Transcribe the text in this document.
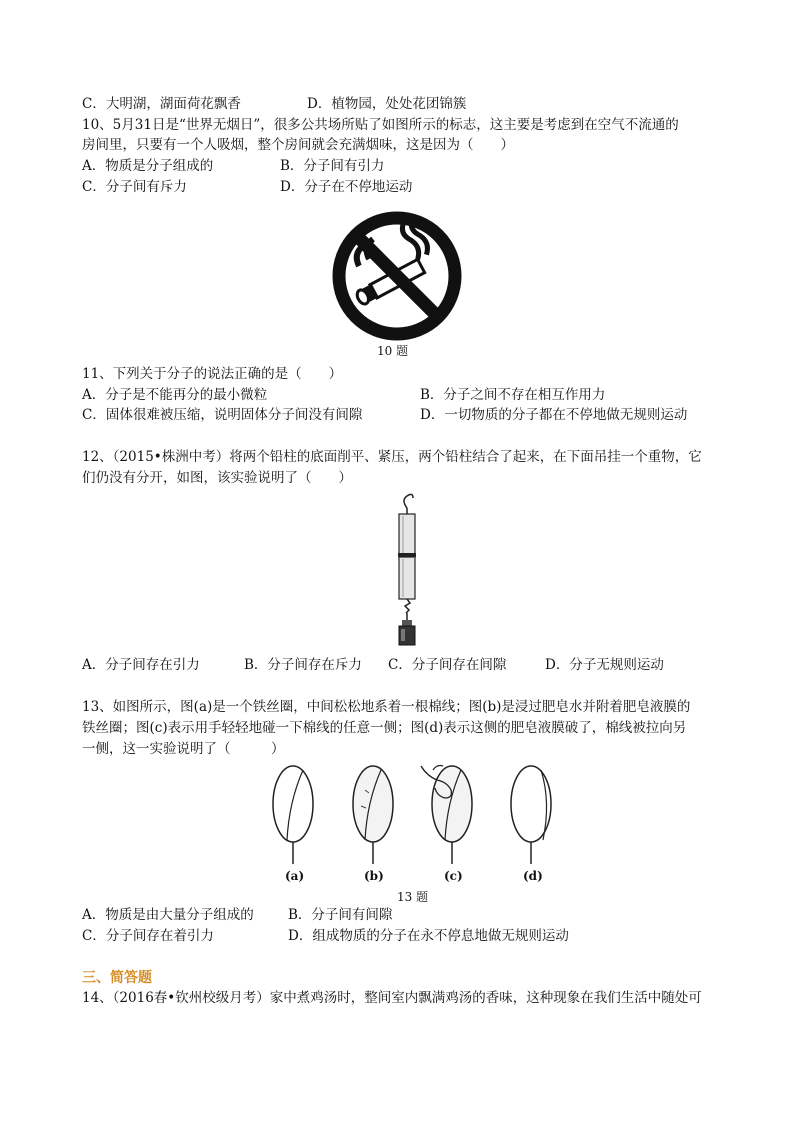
C．大明湖，湖面荷花飘香	D．植物园，处处花团锦簇
10、5月31日是“世界无烟日”，很多公共场所贴了如图所示的标志，这主要是考虑到在空气不流通的
房间里，只要有一个人吸烟，整个房间就会充满烟味，这是因为（　　）
A．物质是分子组成的	B．分子间有引力
C．分子间有斥力	D．分子在不停地运动
10 题
11、下列关于分子的说法正确的是（　　）
A．分子是不能再分的最小微粒	B．分子之间不存在相互作用力
C．固体很难被压缩，说明固体分子间没有间隙	D．一切物质的分子都在不停地做无规则运动
12、（2015•株洲中考）将两个铅柱的底面削平、紧压，两个铅柱结合了起来，在下面吊挂一个重物，它
们仍没有分开，如图，该实验说明了（　　）
A．分子间存在引力	B．分子间存在斥力 C．分子间存在间隙	D．分子无规则运动
13、如图所示，图(a)是一个铁丝圈，中间松松地系着一根棉线；图(b)是浸过肥皂水并附着肥皂液膜的
铁丝圈；图(c)表示用手轻轻地碰一下棉线的任意一侧；图(d)表示这侧的肥皂液膜破了，棉线被拉向另
一侧，这一实验说明了（　　　）
(a)	(b)	(c)	(d)
13 题
A．物质是由大量分子组成的	B．分子间有间隙
C．分子间存在着引力	D．组成物质的分子在永不停息地做无规则运动
三、简答题
14、（2016春•钦州校级月考）家中煮鸡汤时，整间室内飘满鸡汤的香味，这种现象在我们生活中随处可
